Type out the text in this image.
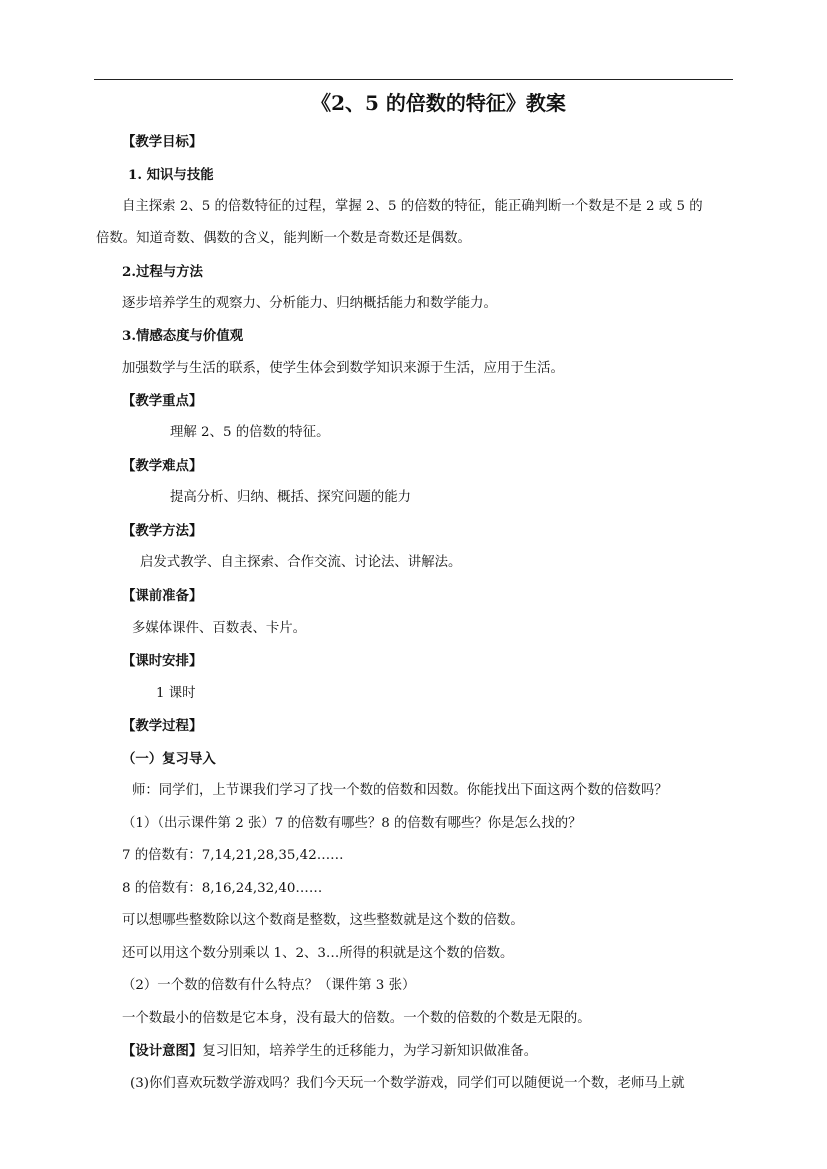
《2、5 的倍数的特征》教案
【教学目标】
1. 知识与技能
自主探索 2、5 的倍数特征的过程，掌握 2、5 的倍数的特征，能正确判断一个数是不是 2 或 5 的
倍数。知道奇数、偶数的含义，能判断一个数是奇数还是偶数。
2.过程与方法
逐步培养学生的观察力、分析能力、归纳概括能力和数学能力。
3.情感态度与价值观
加强数学与生活的联系，使学生体会到数学知识来源于生活，应用于生活。
【教学重点】
理解 2、5 的倍数的特征。
【教学难点】
提高分析、归纳、概括、探究问题的能力
【教学方法】
启发式教学、自主探索、合作交流、讨论法、讲解法。
【课前准备】
多媒体课件、百数表、卡片。
【课时安排】
1 课时
【教学过程】
（一）复习导入
师：同学们，上节课我们学习了找一个数的倍数和因数。你能找出下面这两个数的倍数吗？
（1）（出示课件第 2 张）7 的倍数有哪些？8 的倍数有哪些？你是怎么找的？
7 的倍数有：7,14,21,28,35,42……
8 的倍数有：8,16,24,32,40……
可以想哪些整数除以这个数商是整数，这些整数就是这个数的倍数。
还可以用这个数分别乘以 1、2、3…所得的积就是这个数的倍数。
（2）一个数的倍数有什么特点？（课件第 3 张）
一个数最小的倍数是它本身，没有最大的倍数。一个数的倍数的个数是无限的。
【设计意图】复习旧知，培养学生的迁移能力，为学习新知识做准备。
(3)你们喜欢玩数学游戏吗？我们今天玩一个数学游戏，同学们可以随便说一个数，老师马上就
